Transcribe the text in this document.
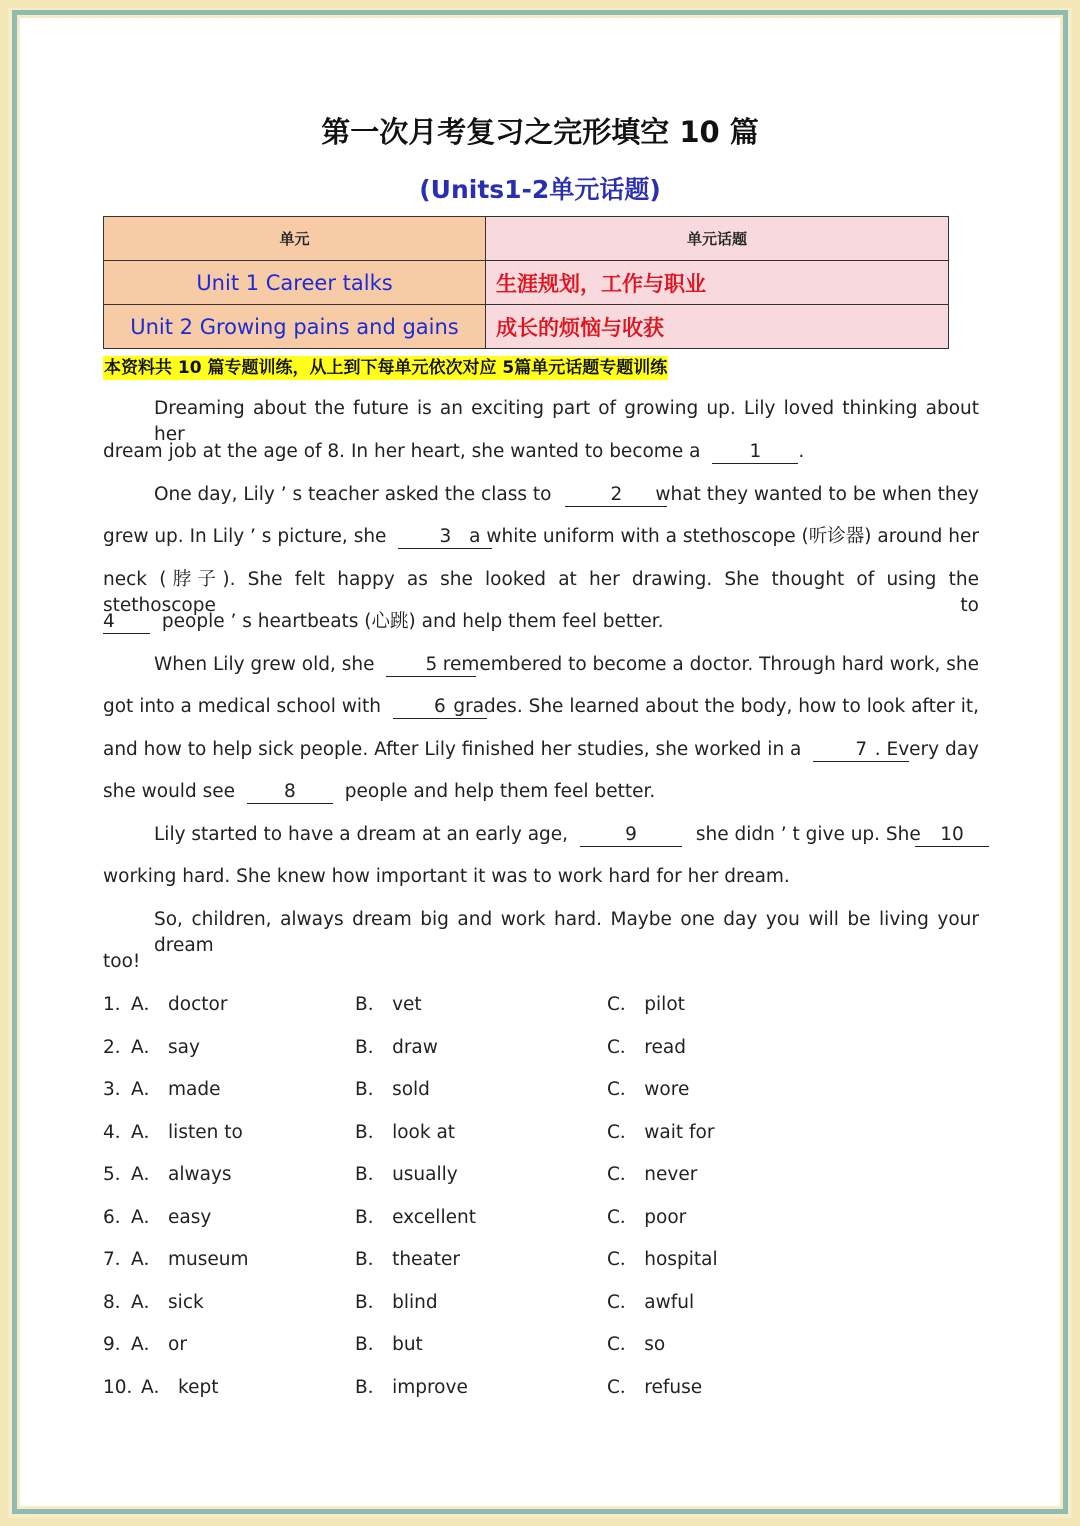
第一次月考复习之完形填空 10 篇
(Units1-2单元话题)
单元	单元话题
Unit 1 Career talks	生涯规划，工作与职业
Unit 2 Growing pains and gains	成长的烦恼与收获
本资料共 10 篇专题训练，从上到下每单元依次对应 5篇单元话题专题训练
Dreaming about the future is an exciting part of growing up. Lily loved thinking about her
dream job at the age of 8. In her heart, she wanted to become a	1 .
One day, Lily ’ s teacher asked the class to	2 what they wanted to be when they
grew up. In Lily ’ s picture, she	3 a white uniform with a stethoscope (听诊器) around her
neck (脖子). She felt happy as she looked at her drawing. She thought of using the stethoscope to
4	people ’ s heartbeats (心跳) and help them feel better.
When Lily grew old, she	5 remembered to become a doctor. Through hard work, she
got into a medical school with	6 grades. She learned about the body, how to look after it,
and how to help sick people. After Lily finished her studies, she worked in a	7 . Every day
she would see	8	people and help them feel better.
Lily started to have a dream at an early age,	9	she didn ’ t give up. She	10
working hard. She knew how important it was to work hard for her dream.
So, children, always dream big and work hard. Maybe one day you will be living your dream
too!
1．
A． doctor	B． vet	C． pilot
2．
A． say	B． draw	C． read
3．
A． made	B． sold	C． wore
4．
A． listen to	B． look at	C． wait for
5．
A． always	B． usually	C． never
6．
A． easy	B． excellent	C． poor
7．
A． museum	B． theater	C． hospital
8．
A． sick	B． blind	C． awful
9．
A． or	B． but	C． so
10．
A． kept	B． improve	C． refuse
